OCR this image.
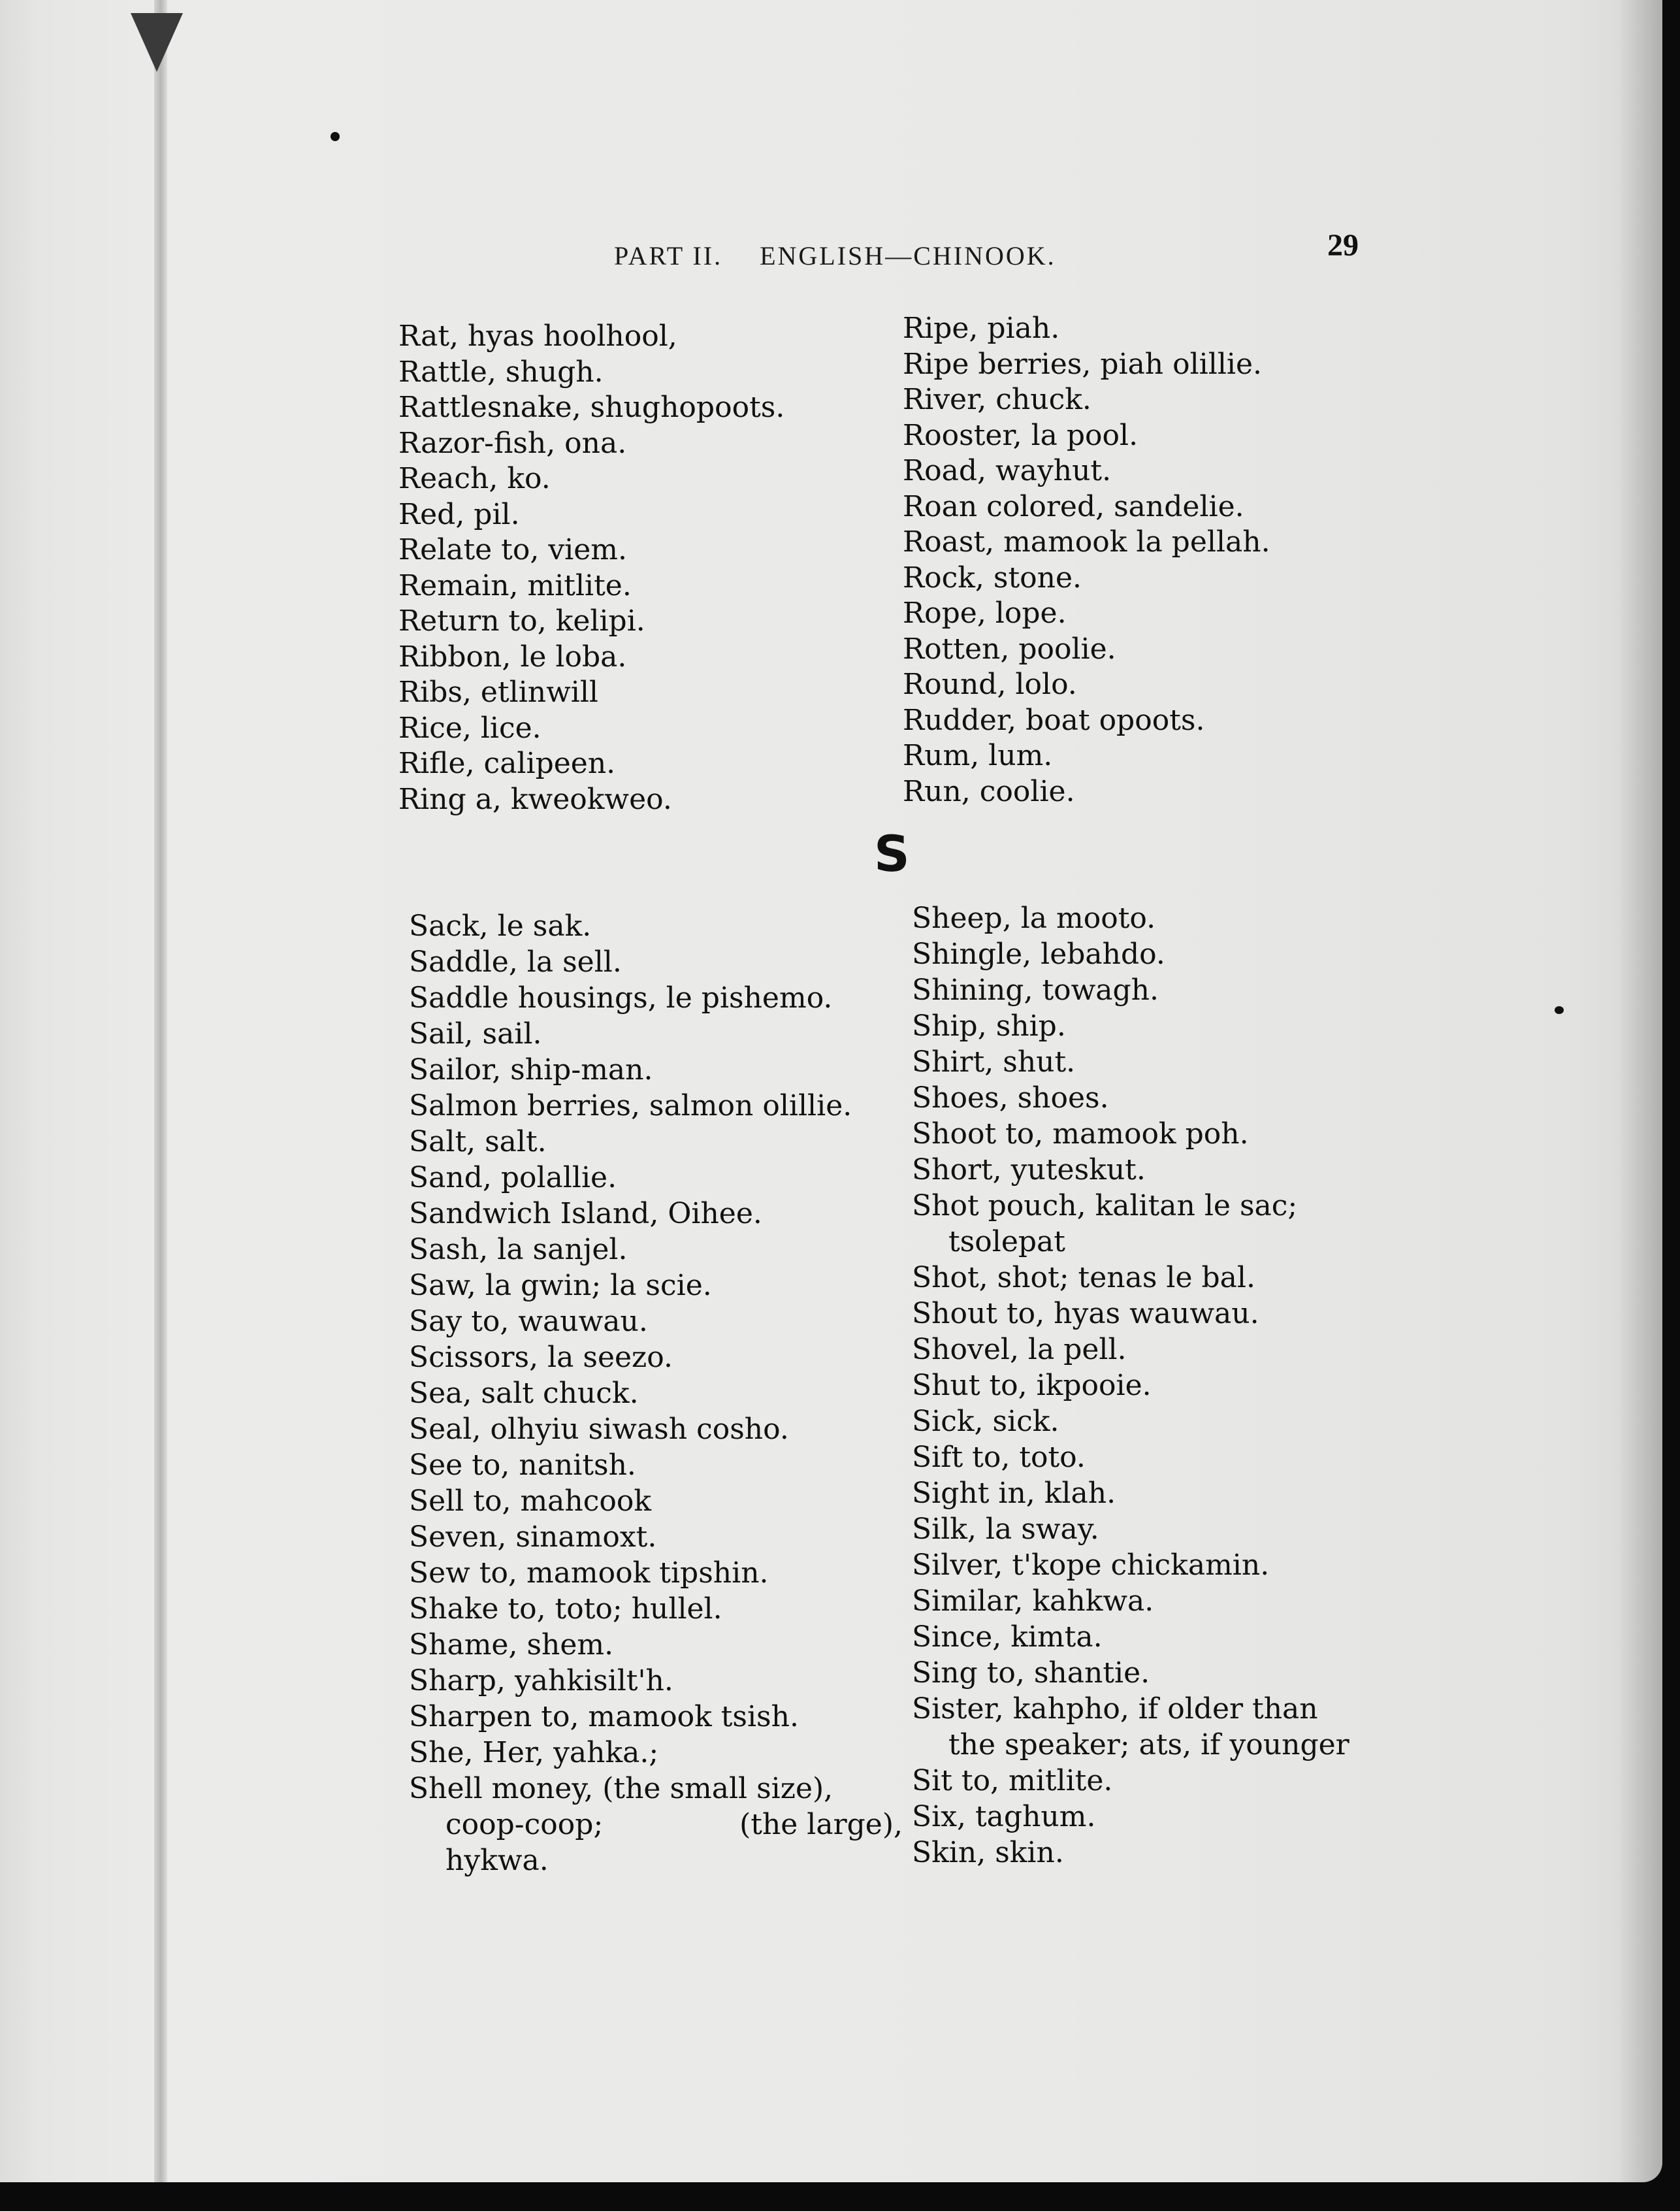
PART II. ENGLISH—CHINOOK.	29
Rat, hyas hoolhool,
Rattle, shugh.
Rattlesnake, shughopoots.
Razor-fish, ona.
Reach, ko.
Red, pil.
Relate to, viem.
Remain, mitlite.
Return to, kelipi.
Ribbon, le loba.
Ribs, etlinwill
Rice, lice.
Rifle, calipeen.
Ring a, kweokweo.
Ripe, piah.
Ripe berries, piah olillie.
River, chuck.
Rooster, la pool.
Road, wayhut.
Roan colored, sandelie.
Roast, mamook la pellah.
Rock, stone.
Rope, lope.
Rotten, poolie.
Round, lolo.
Rudder, boat opoots.
Rum, lum.
Run, coolie.
S
Sack, le sak.
Saddle, la sell.
Saddle housings, le pishemo.
Sail, sail.
Sailor, ship-man.
Salmon berries, salmon olillie.
Salt, salt.
Sand, polallie.
Sandwich Island, Oihee.
Sash, la sanjel.
Saw, la gwin; la scie.
Say to, wauwau.
Scissors, la seezo.
Sea, salt chuck.
Seal, olhyiu siwash cosho.
See to, nanitsh.
Sell to, mahcook
Seven, sinamoxt.
Sew to, mamook tipshin.
Shake to, toto; hullel.
Shame, shem.
Sharp, yahkisilt'h.
Sharpen to, mamook tsish.
She, Her, yahka.;
Shell money, (the small size),
coop-coop;	(the large),
hykwa.
Sheep, la mooto.
Shingle, lebahdo.
Shining, towagh.
Ship, ship.
Shirt, shut.
Shoes, shoes.
Shoot to, mamook poh.
Short, yuteskut.
Shot pouch, kalitan le sac;
tsolepat
Shot, shot; tenas le bal.
Shout to, hyas wauwau.
Shovel, la pell.
Shut to, ikpooie.
Sick, sick.
Sift to, toto.
Sight in, klah.
Silk, la sway.
Silver, t'kope chickamin.
Similar, kahkwa.
Since, kimta.
Sing to, shantie.
Sister, kahpho, if older than
the speaker; ats, if younger
Sit to, mitlite.
Six, taghum.
Skin, skin.
